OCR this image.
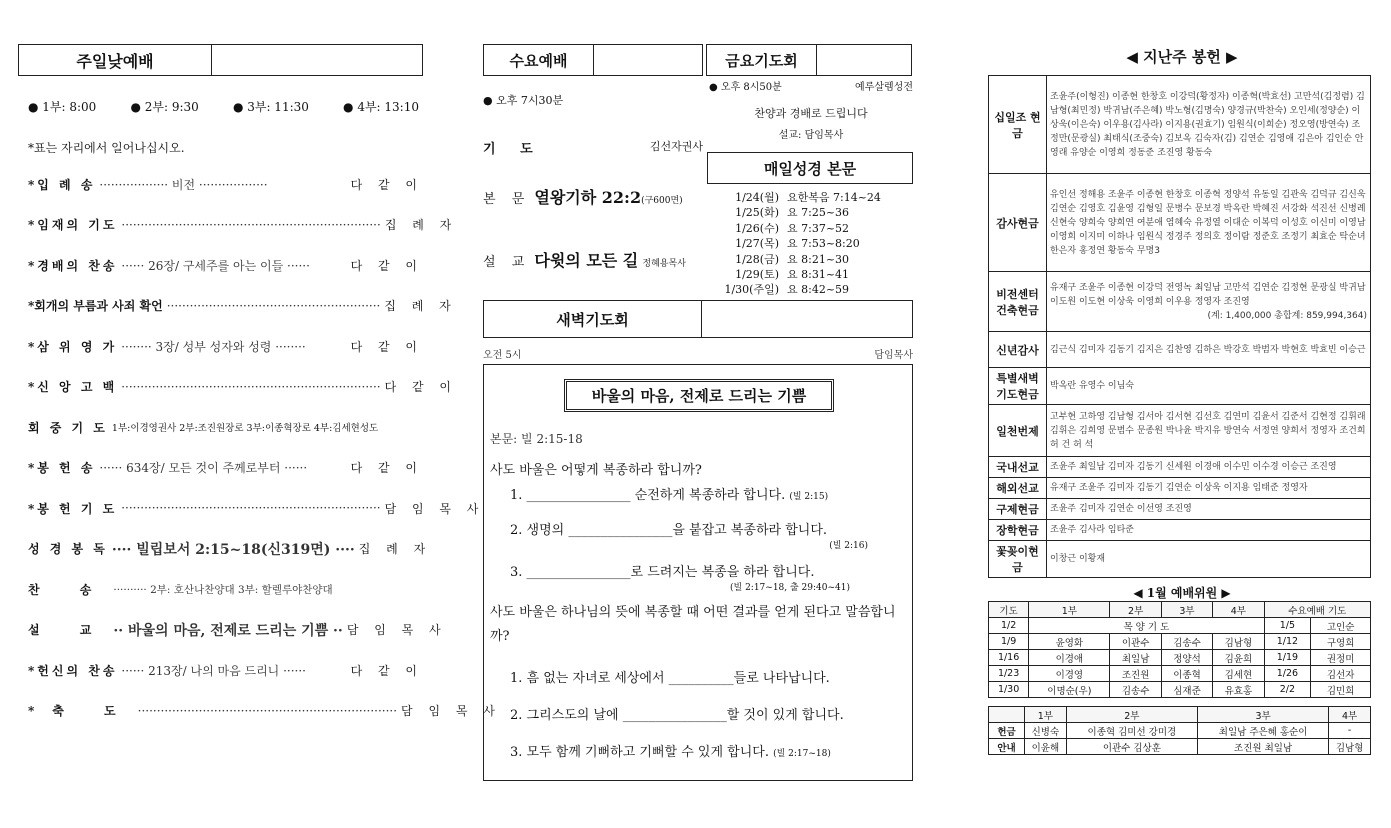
주일낮예배
● 1부: 8:00	● 2부: 9:30	● 3부: 11:30	● 4부: 13:10
*표는 자리에서 일어나십시오.
*입 례 송 ·················· 비전 ··················	다 같 이
*임재의 기도 ···································································· 집 례 자
*경배의 찬송 ······ 26장/ 구세주를 아는 이들 ······	다 같 이
*회개의 부름과 사죄 확언 ························································ 집 례 자
*삼 위 영 가 ········ 3장/ 성부 성자와 성령 ········	다 같 이
*신 앙 고 백 ···································································· 다 같 이
회 중 기 도 1부:이경영권사 2부:조진원장로 3부:이종혁장로 4부:김세현성도
*봉 헌 송 ······ 634장/ 모든 것이 주께로부터 ······	다 같 이
*봉 헌 기 도 ···································································· 담 임 목 사
성 경 봉 독 ···· 빌립보서 2:15~18(신319면) ···· 집 례 자
찬 송 ·········· 2부: 호산나찬양대 3부: 할렐루야찬양대
설 교 ·· 바울의 마음, 전제로 드리는 기쁨 ·· 담 임 목 사
*헌신의 찬송 ······ 213장/ 나의 마음 드리니 ······	다 같 이
*축 도 ···································································· 담 임 목 사
수요예배	금요기도회
● 오후 7시30분
기 도	김선자권사
본 문 열왕기하 22:2(구600면)
설 교 다윗의 모든 길 정혜용목사
● 오후 8시50분	예루살렘성전
찬양과 경배로 드립니다
설교: 담임목사
매일성경 본문
1/24(월) 요한복음 7:14~24
1/25(화) 요 7:25~36
1/26(수) 요 7:37~52
1/27(목) 요 7:53~8:20
1/28(금) 요 8:21~30
1/29(토) 요 8:31~41
1/30(주일) 요 8:42~59
새벽기도회
오전 5시	담임목사
바울의 마음, 전제로 드리는 기쁨

본문: 빌 2:15-18

사도 바울은 어떻게 복종하라 합니까?

1. ________________ 순전하게 복종하라 합니다. (빌 2:15)

2. 생명의 ________________을 붙잡고 복종하라 합니다.

(빌 2:16)

3. ________________로 드려지는 복종을 하라 합니다.

(빌 2:17~18, 출 29:40~41)

사도 바울은 하나님의 뜻에 복종할 때 어떤 결과를 얻게 된다고 말씀합니까?

1. 흠 없는 자녀로 세상에서 __________들로 나타납니다.

2. 그리스도의 날에 ________________할 것이 있게 합니다.

3. 모두 함께 기뻐하고 기뻐할 수 있게 합니다. (빌 2:17~18)

◀ 지난주 봉헌 ▶
십일조 현금	조윤주(이형진) 이종현 한창호 이강덕(황정자) 이종혁(박효선) 고만석(김정렴) 김남형(최민정) 박귀남(주은혜) 박노형(김명숙) 양경규(박찬숙) 오인세(정양순) 이상욱(이은숙) 이우용(김사라) 이지용(권효기) 임원식(이희순) 정오영(방연숙) 조정만(문광실) 최태식(조중숙) 김보옥 김숙자(김) 김연순 김영애 김은아 김인순 안영래 유양순 이영희 정동준 조진영 황동숙
감사현금	유인선 정해용 조윤주 이종현 한창호 이종혁 정양석 유동일 김관욱 김덕규 김신욱 김연순 김영호 김윤영 김형일 문병수 문보경 박옥란 박혜진 서강화 석진선 신병례 신현숙 양희숙 양희연 여분애 염혜숙 유정열 이대순 이복덕 이성호 이신미 이영남 이영희 이지미 이하나 임원식 정경주 정의호 정이람 정준호 조정기 최효순 탁순녀 한은자 홍정연 황동숙 무명3
비전센터 건축현금	유재구 조윤주 이종현 이강덕 전영녹 최일남 고만석 김연순 김정현 문광실 박귀남 이도원 이도현 이상욱 이영희 이우용 정영자 조진영
(계: 1,400,000 총합계: 859,994,364)

신년감사	김근식 김미자 김동기 김지은 김찬영 김하은 박강호 박범자 박현호 박효빈 이승근
특별새벽 기도현금	박옥란 유영수 이님숙
일천번제	고부현 고하영 김남형 김서아 김서현 김선호 김연미 김윤서 김준서 김현정 김휘래 김휘은 김희영 문범수 문종원 박나윤 박지유 방연숙 서정연 양희서 정영자 조건희 허 건 허 석
국내선교	조윤주 최일남 김미자 김동기 신세원 이경애 이수민 이수경 이승근 조진영
해외선교	유재구 조윤주 김미자 김동기 김연순 이상욱 이지용 임태준 정영자
구제현금	조윤주 김미자 김연순 이선영 조진영
장학현금	조윤주 김사라 임타준
꽃꽂이현금	이창근 이황재
◀ 1월 예배위원 ▶
기도	1부	2부	3부	4부	수요예배 기도	
1/2	목 양 기 도				1/5	고인순
1/9	윤영화	이관수	김송수	김남형	1/12	구영희
1/16	이경애	최일남	정양석	김윤희	1/19	권정미
1/23	이경영	조진원	이종혁	김세현	1/26	김선자
1/30	이명순(우)	김송수	심재준	유효홍	2/2	김민희
	1부	2부	3부	4부
헌금	신병숙	이종혁 김미선 강미경	최일남 주은혜 홍순이	-
안내	이윤해	이관수 김상훈	조진원 최일남	김남형
